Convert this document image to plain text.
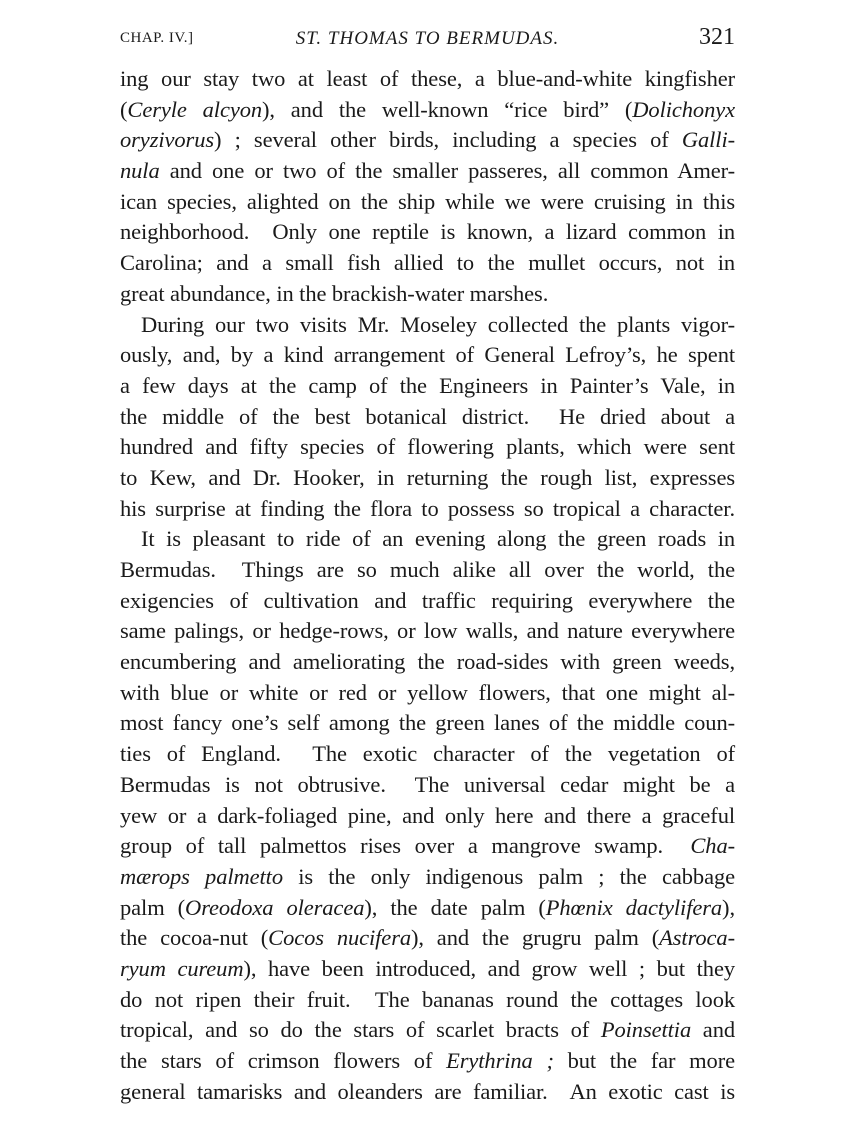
CHAP. IV.]	ST. THOMAS TO BERMUDAS.	321
ing our stay two at least of these, a blue-and-white kingfisher
(Ceryle alcyon), and the well-known “rice bird” (Dolichonyx
oryzivorus) ; several other birds, including a species of Galli-
nula and one or two of the smaller passeres, all common Amer-
ican species, alighted on the ship while we were cruising in this
neighborhood.  Only one reptile is known, a lizard common in
Carolina; and a small fish allied to the mullet occurs, not in
great abundance, in the brackish-water marshes.
During our two visits Mr. Moseley collected the plants vigor-
ously, and, by a kind arrangement of General Lefroy’s, he spent
a few days at the camp of the Engineers in Painter’s Vale, in
the middle of the best botanical district.  He dried about a
hundred and fifty species of flowering plants, which were sent
to Kew, and Dr. Hooker, in returning the rough list, expresses
his surprise at finding the flora to possess so tropical a character.
It is pleasant to ride of an evening along the green roads in
Bermudas.  Things are so much alike all over the world, the
exigencies of cultivation and traffic requiring everywhere the
same palings, or hedge-rows, or low walls, and nature everywhere
encumbering and ameliorating the road-sides with green weeds,
with blue or white or red or yellow flowers, that one might al-
most fancy one’s self among the green lanes of the middle coun-
ties of England.  The exotic character of the vegetation of
Bermudas is not obtrusive.  The universal cedar might be a
yew or a dark-foliaged pine, and only here and there a graceful
group of tall palmettos rises over a mangrove swamp.  Cha-
mærops palmetto is the only indigenous palm ; the cabbage
palm (Oreodoxa oleracea), the date palm (Phœnix dactylifera),
the cocoa-nut (Cocos nucifera), and the grugru palm (Astroca-
ryum cureum), have been introduced, and grow well ; but they
do not ripen their fruit.  The bananas round the cottages look
tropical, and so do the stars of scarlet bracts of Poinsettia and
the stars of crimson flowers of Erythrina ; but the far more
general tamarisks and oleanders are familiar.  An exotic cast is
